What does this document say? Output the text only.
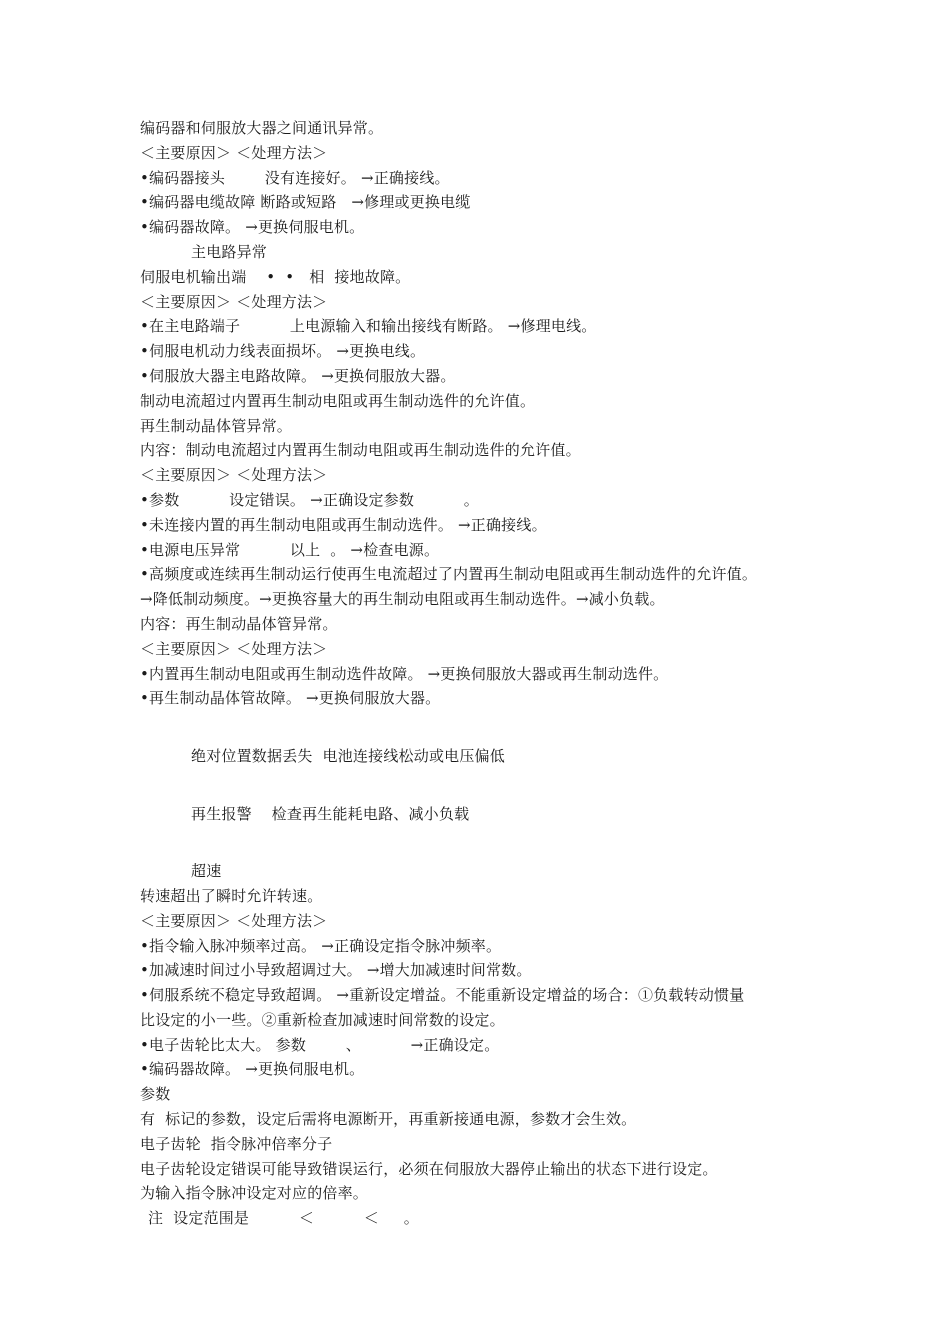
编码器和伺服放大器之间通讯异常。
＜主要原因＞ ＜处理方法＞
•编码器接头        没有连接好。 →正确接线。
•编码器电缆故障 断路或短路   →修理或更换电缆
•编码器故障。 →更换伺服电机。
主电路异常
伺服电机输出端    •  •   相  接地故障。
＜主要原因＞ ＜处理方法＞
•在主电路端子          上电源输入和输出接线有断路。 →修理电线。
•伺服电机动力线表面损坏。 →更换电线。
•伺服放大器主电路故障。 →更换伺服放大器。
制动电流超过内置再生制动电阻或再生制动选件的允许值。
再生制动晶体管异常。
内容：制动电流超过内置再生制动电阻或再生制动选件的允许值。
＜主要原因＞ ＜处理方法＞
•参数          设定错误。 →正确设定参数          。
•未连接内置的再生制动电阻或再生制动选件。 →正确接线。
•电源电压异常          以上  。 →检查电源。
•高频度或连续再生制动运行使再生电流超过了内置再生制动电阻或再生制动选件的允许值。
→降低制动频度。→更换容量大的再生制动电阻或再生制动选件。→减小负载。
内容：再生制动晶体管异常。
＜主要原因＞ ＜处理方法＞
•内置再生制动电阻或再生制动选件故障。 →更换伺服放大器或再生制动选件。
•再生制动晶体管故障。 →更换伺服放大器。
绝对位置数据丢失  电池连接线松动或电压偏低
再生报警    检查再生能耗电路、减小负载
超速
转速超出了瞬时允许转速。
＜主要原因＞ ＜处理方法＞
•指令输入脉冲频率过高。 →正确设定指令脉冲频率。
•加减速时间过小导致超调过大。 →增大加减速时间常数。
•伺服系统不稳定导致超调。 →重新设定增益。不能重新设定增益的场合：①负载转动惯量
比设定的小一些。②重新检查加减速时间常数的设定。
•电子齿轮比太大。 参数        、          →正确设定。
•编码器故障。 →更换伺服电机。
参数
有  标记的参数，设定后需将电源断开，再重新接通电源，参数才会生效。
电子齿轮  指令脉冲倍率分子
电子齿轮设定错误可能导致错误运行，必须在伺服放大器停止输出的状态下进行设定。
为输入指令脉冲设定对应的倍率。
注  设定范围是          ＜          ＜     。
